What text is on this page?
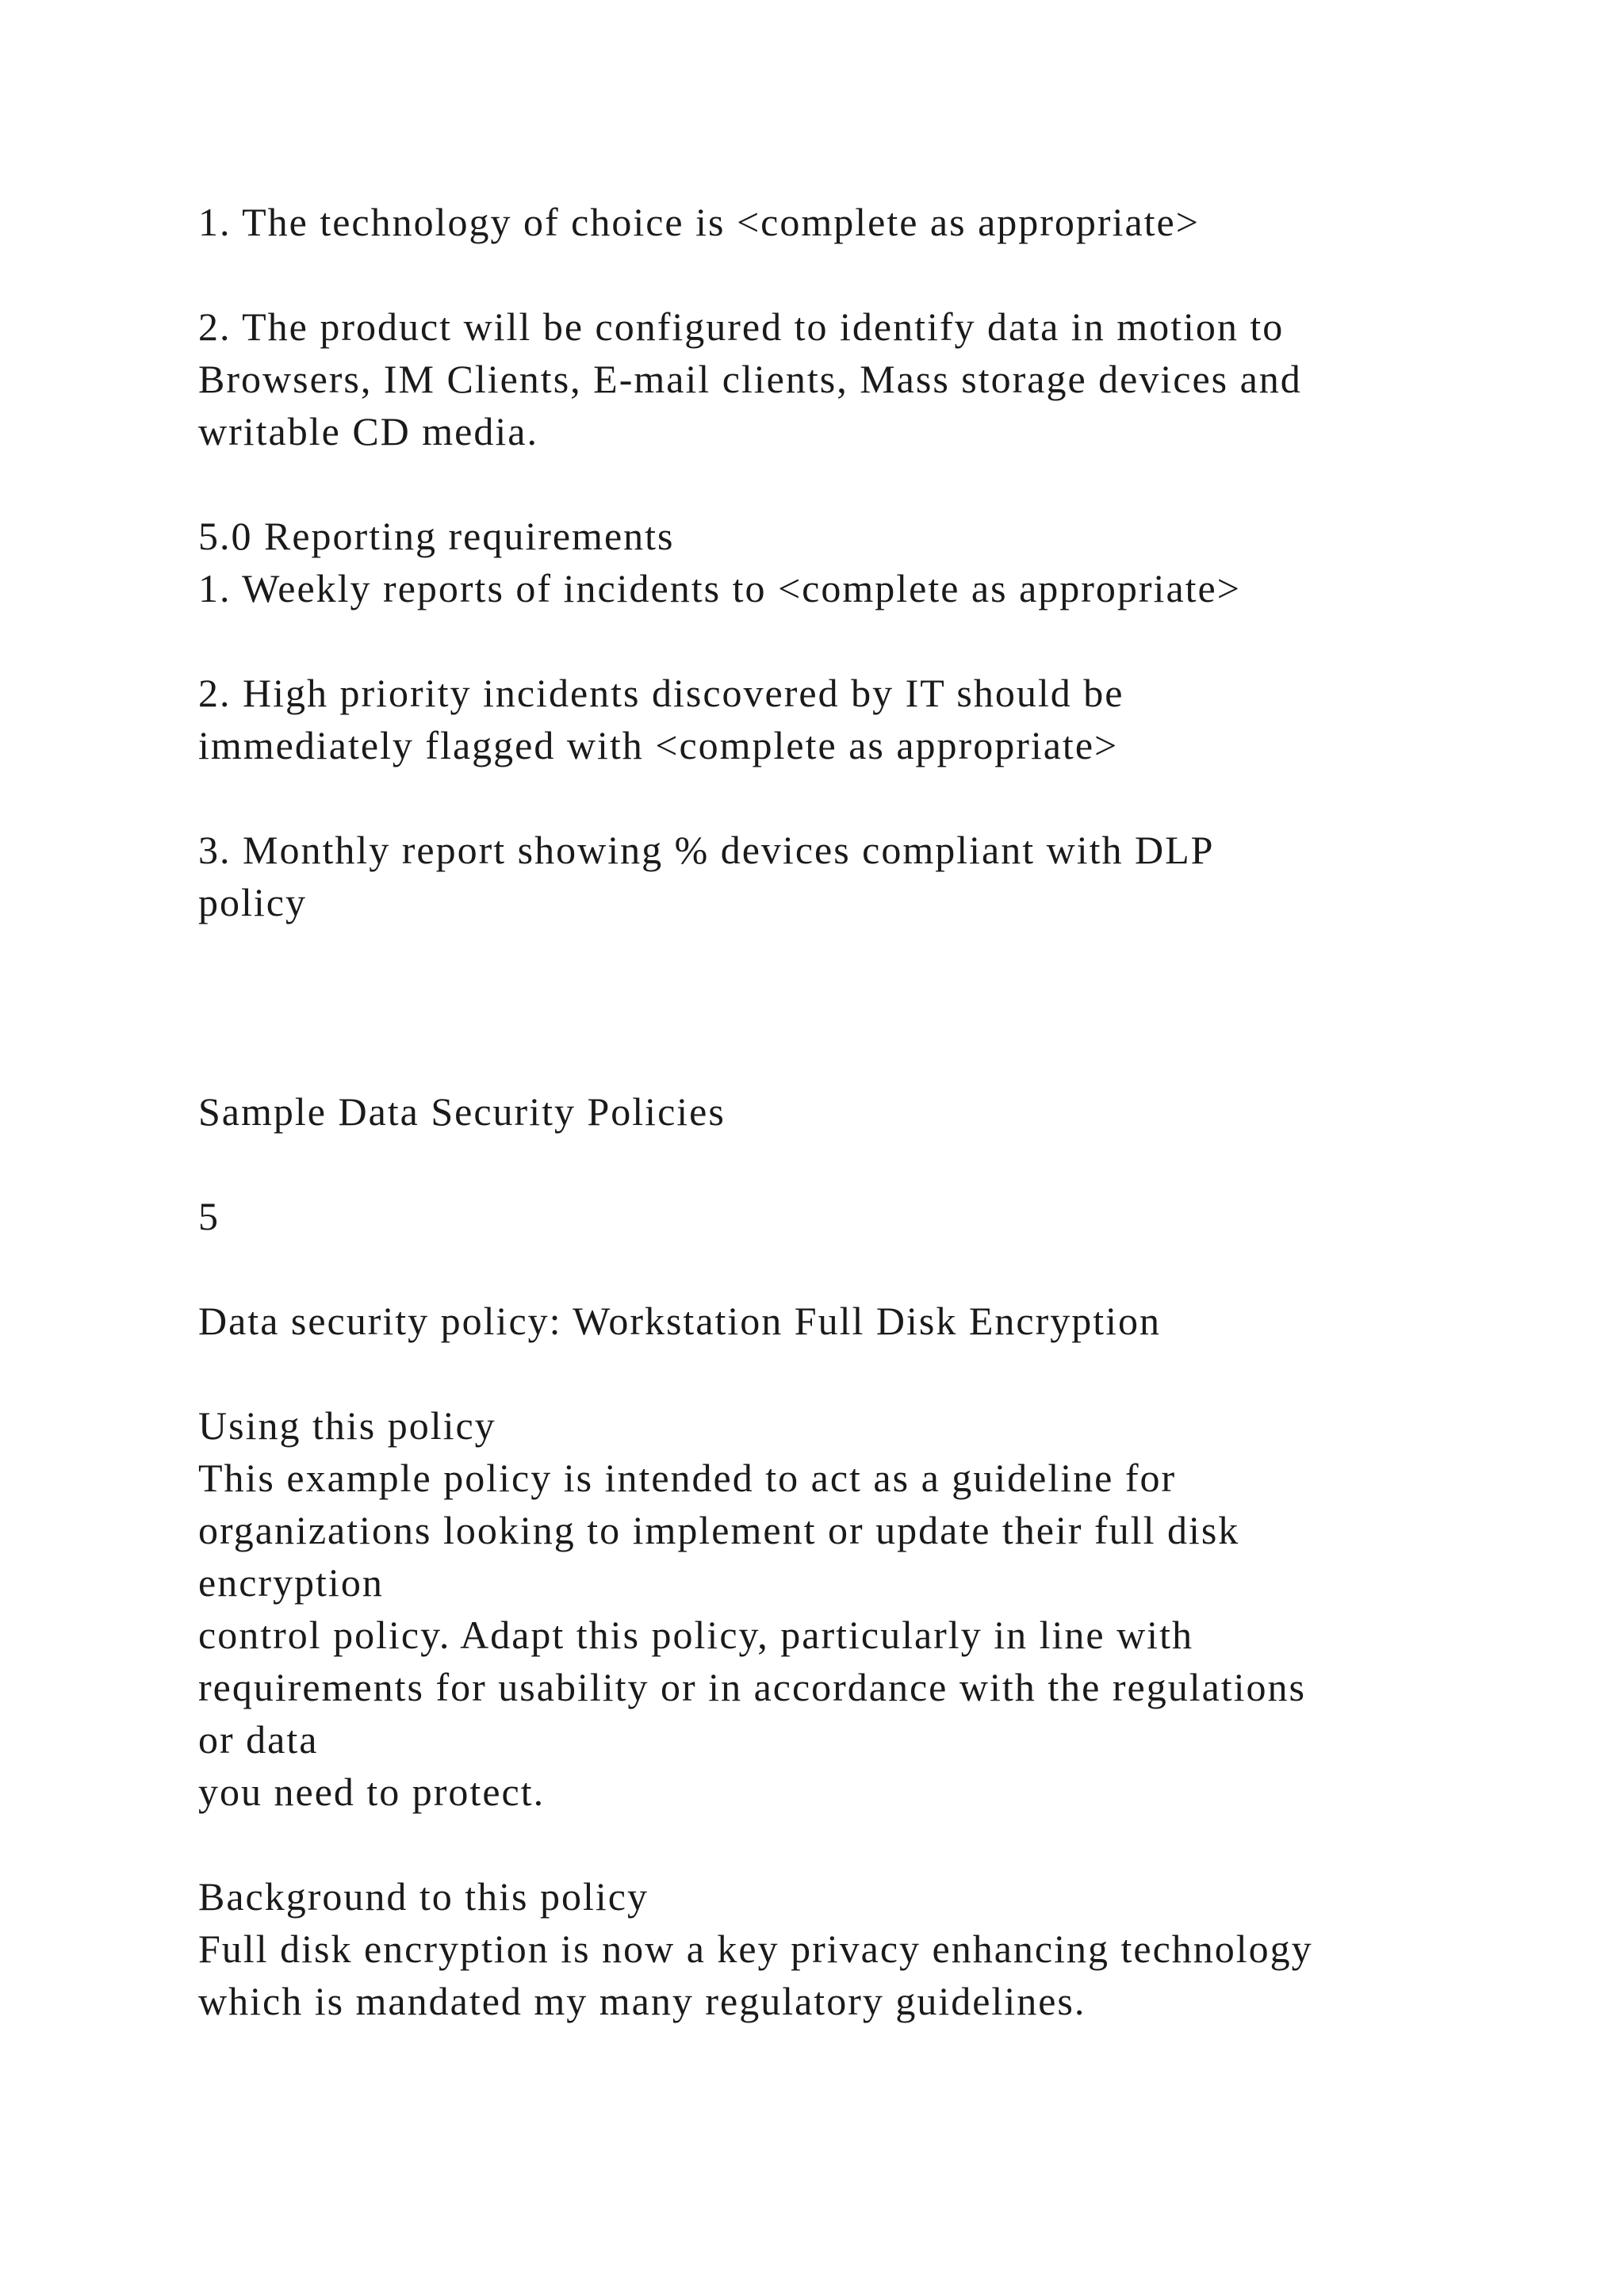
1. The technology of choice is <complete as appropriate>

2. The product will be configured to identify data in motion to

Browsers, IM Clients, E-mail clients, Mass storage devices and

writable CD media.

5.0 Reporting requirements

1. Weekly reports of incidents to <complete as appropriate>

2. High priority incidents discovered by IT should be

immediately flagged with <complete as appropriate>

3. Monthly report showing % devices compliant with DLP

policy

Sample Data Security Policies

5

Data security policy: Workstation Full Disk Encryption

Using this policy

This example policy is intended to act as a guideline for

organizations looking to implement or update their full disk

encryption

control policy. Adapt this policy, particularly in line with

requirements for usability or in accordance with the regulations

or data

you need to protect.

Background to this policy

Full disk encryption is now a key privacy enhancing technology

which is mandated my many regulatory guidelines.
